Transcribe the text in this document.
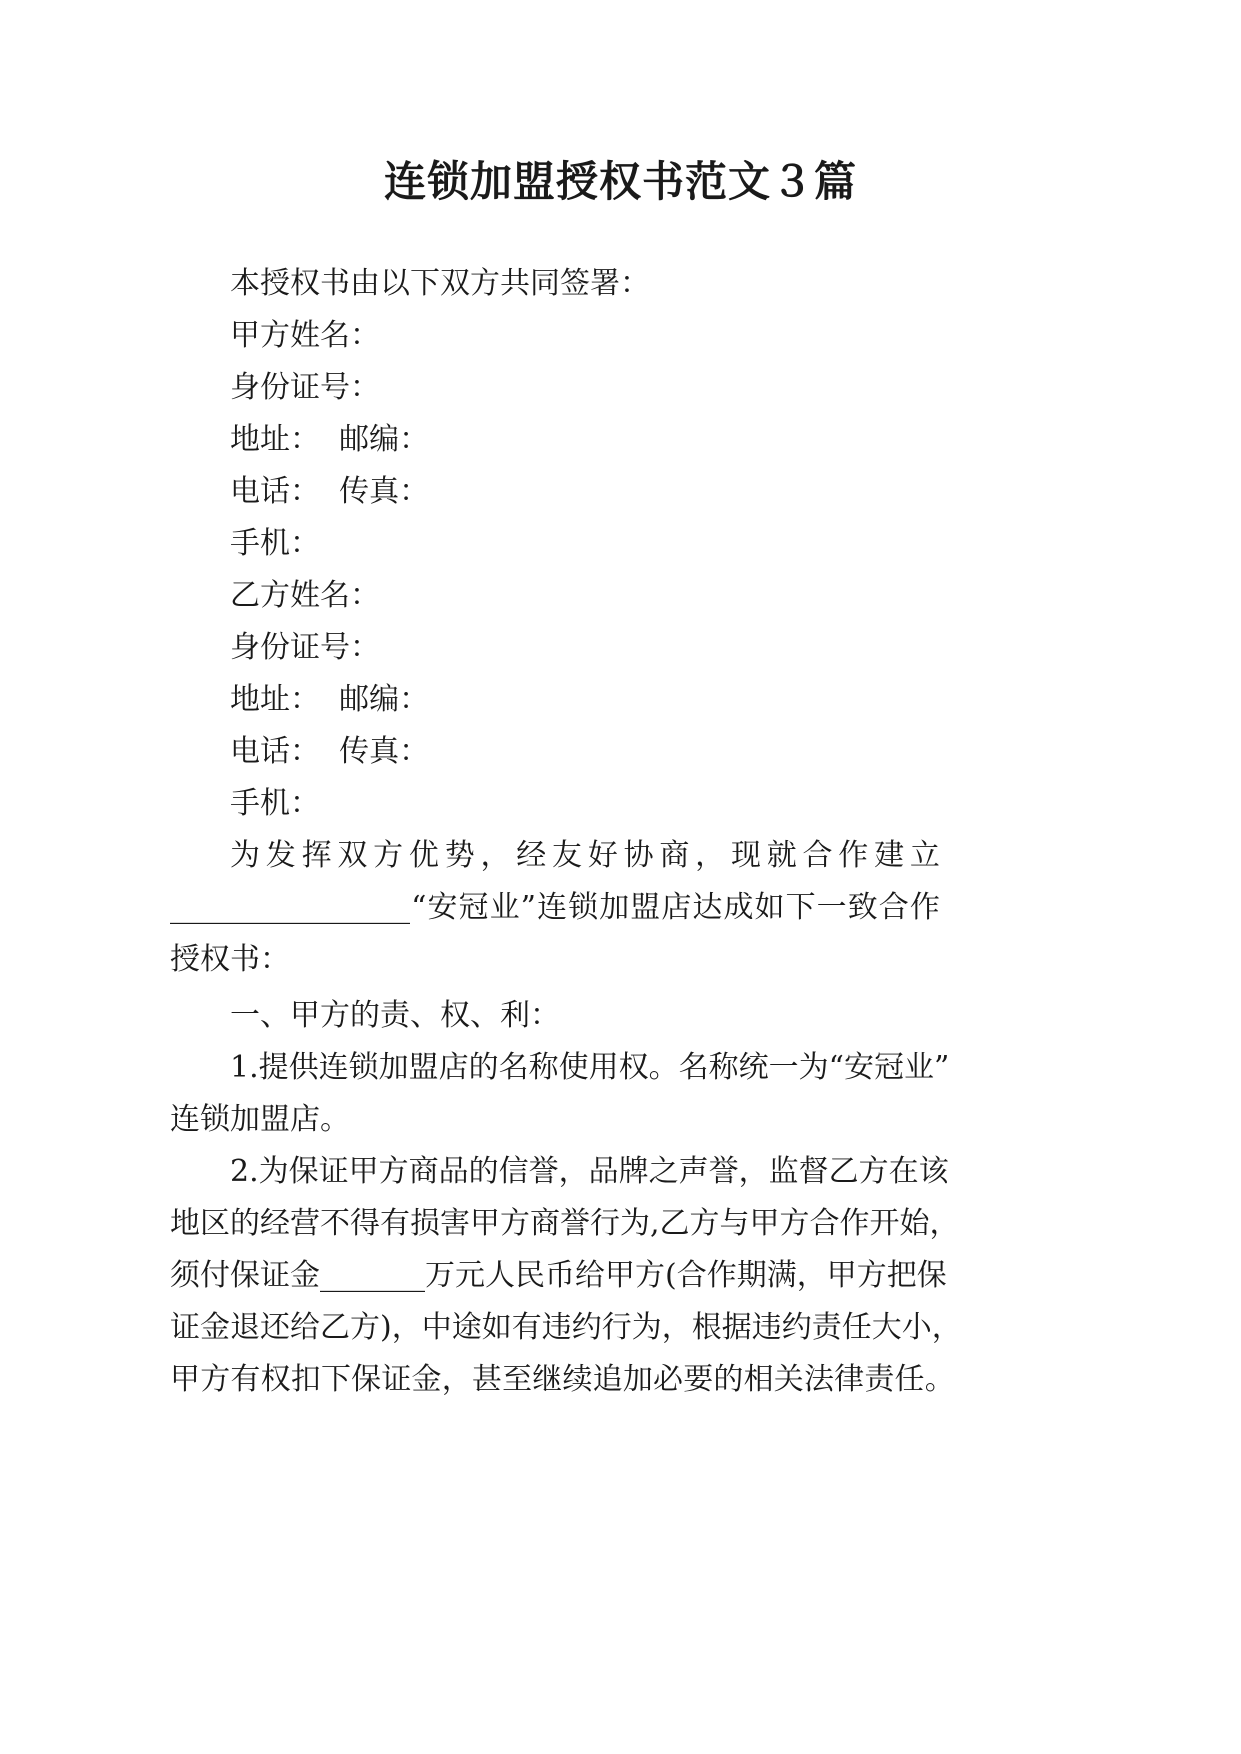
连锁加盟授权书范文３篇
本授权书由以下双方共同签署：
甲方姓名：
身份证号：
地址：  邮编：
电话：  传真：
手机：
乙方姓名：
身份证号：
地址：  邮编：
电话：  传真：
手机：
为 发 挥 双 方 优 势 ， 经 友 好 协 商 ， 现 就 合 作 建 立
________________ “ 安 冠 业 ” 连 锁 加 盟 店 达 成 如 下 一 致 合 作
授权书：
一、甲方的责、权、利：
1 . 提 供 连 锁 加 盟 店 的 名 称 使 用 权 。 名 称 统 一 为 “ 安 冠 业 ”
连锁加盟店。
2 . 为 保 证 甲 方 商 品 的 信 誉 ， 品 牌 之 声 誉 ， 监 督 乙 方 在 该
地 区 的 经 营 不 得 有 损 害 甲 方 商 誉 行 为 , 乙 方 与 甲 方 合 作 开 始 ，
须 付 保 证 金 _______ 万 元 人 民 币 给 甲 方 ( 合 作 期 满 ， 甲 方 把 保
证 金 退 还 给 乙 方 ) ， 中 途 如 有 违 约 行 为 ， 根 据 违 约 责 任 大 小 ，
甲 方 有 权 扣 下 保 证 金 ， 甚 至 继 续 追 加 必 要 的 相 关 法 律 责 任 。
